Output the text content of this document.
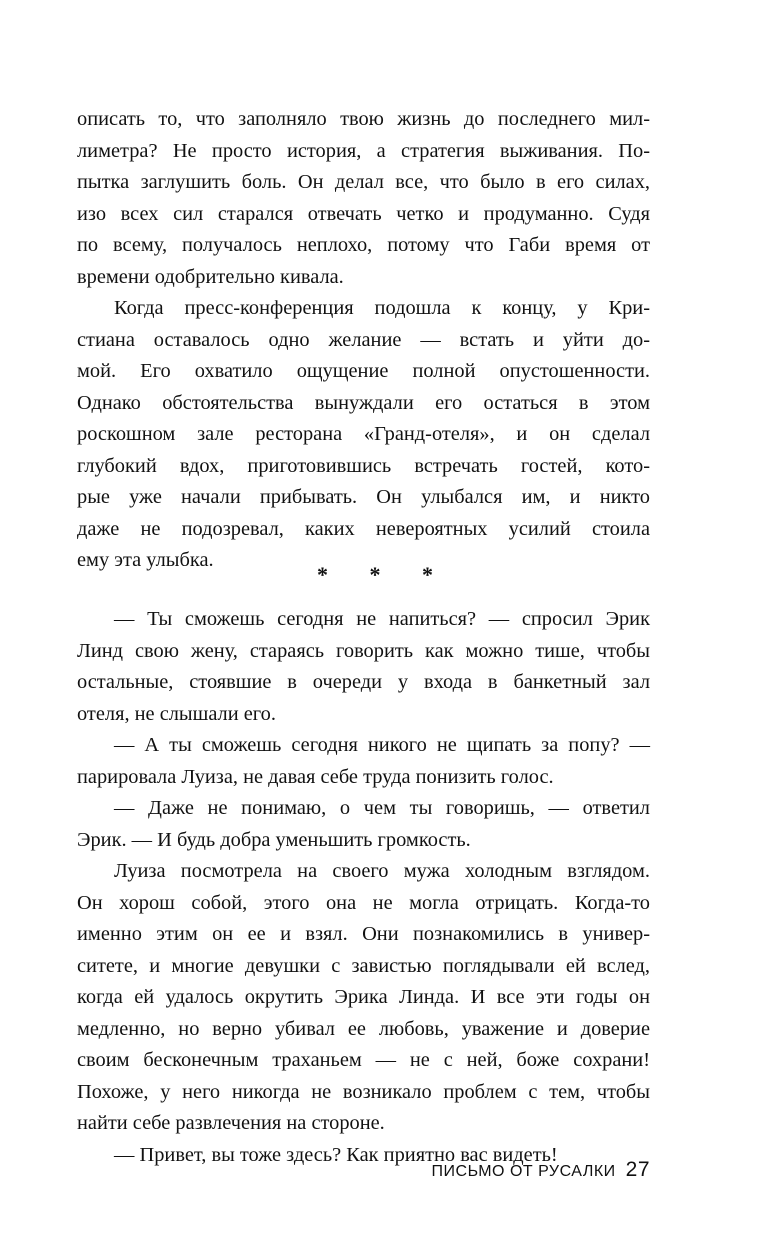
описать то, что заполняло твою жизнь до последнего мил-
лиметра? Не просто история, а стратегия выживания. По-
пытка заглушить боль. Он делал все, что было в его силах,
изо всех сил старался отвечать четко и продуманно. Судя
по всему, получалось неплохо, потому что Габи время от
времени одобрительно кивала.
Когда пресс-конференция подошла к концу, у Кри-
стиана оставалось одно желание — встать и уйти до-
мой. Его охватило ощущение полной опустошенности.
Однако обстоятельства вынуждали его остаться в этом
роскошном зале ресторана «Гранд-отеля», и он сделал
глубокий вдох, приготовившись встречать гостей, кото-
рые уже начали прибывать. Он улыбался им, и никто
даже не подозревал, каких невероятных усилий стоила
ему эта улыбка.
* * *
— Ты сможешь сегодня не напиться? — спросил Эрик
Линд свою жену, стараясь говорить как можно тише, чтобы
остальные, стоявшие в очереди у входа в банкетный зал
отеля, не слышали его.
— А ты сможешь сегодня никого не щипать за попу? —
парировала Луиза, не давая себе труда понизить голос.
— Даже не понимаю, о чем ты говоришь, — ответил
Эрик. — И будь добра уменьшить громкость.
Луиза посмотрела на своего мужа холодным взглядом.
Он хорош собой, этого она не могла отрицать. Когда-то
именно этим он ее и взял. Они познакомились в универ-
ситете, и многие девушки с завистью поглядывали ей вслед,
когда ей удалось окрутить Эрика Линда. И все эти годы он
медленно, но верно убивал ее любовь, уважение и доверие
своим бесконечным траханьем — не с ней, боже сохрани!
Похоже, у него никогда не возникало проблем с тем, чтобы
найти себе развлечения на стороне.
— Привет, вы тоже здесь? Как приятно вас видеть!
ПИСЬМО ОТ РУСАЛКИ 27
